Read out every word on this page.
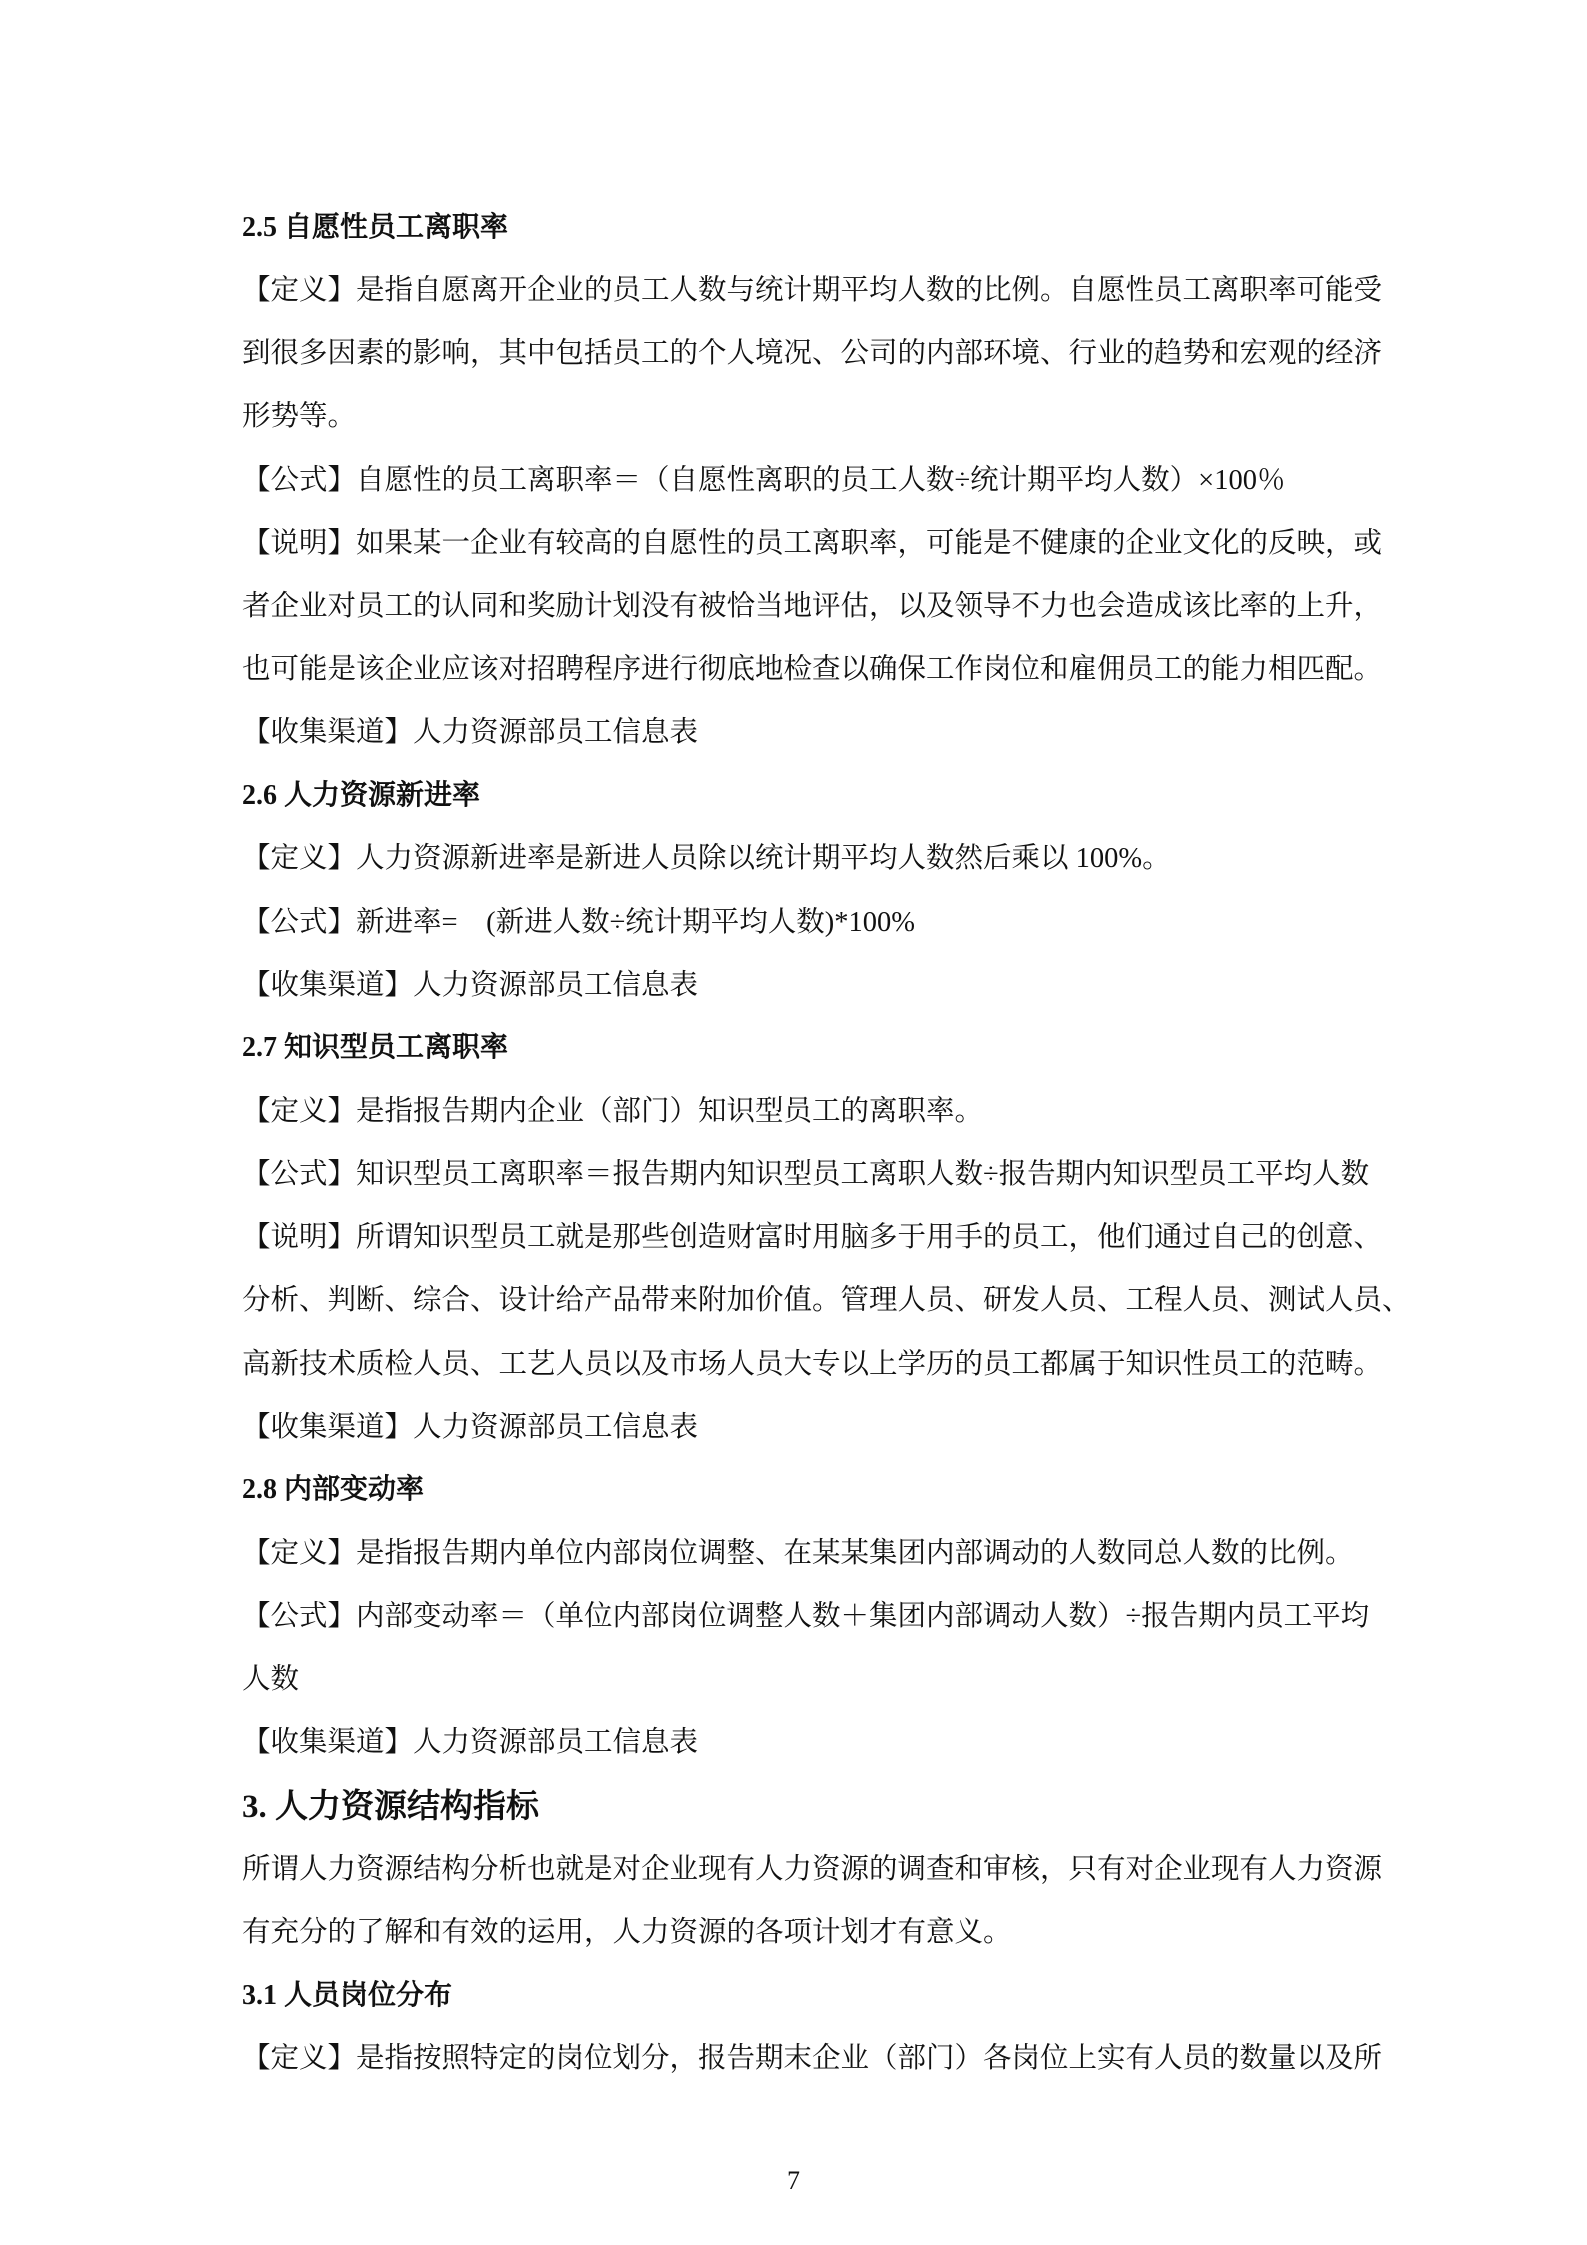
2.5 自愿性员工离职率
【定义】是指自愿离开企业的员工人数与统计期平均人数的比例。自愿性员工离职率可能受
到很多因素的影响，其中包括员工的个人境况、公司的内部环境、行业的趋势和宏观的经济
形势等。
【公式】自愿性的员工离职率＝（自愿性离职的员工人数÷统计期平均人数）×100％
【说明】如果某一企业有较高的自愿性的员工离职率，可能是不健康的企业文化的反映，或
者企业对员工的认同和奖励计划没有被恰当地评估，以及领导不力也会造成该比率的上升，
也可能是该企业应该对招聘程序进行彻底地检查以确保工作岗位和雇佣员工的能力相匹配。
【收集渠道】人力资源部员工信息表
2.6 人力资源新进率
【定义】人力资源新进率是新进人员除以统计期平均人数然后乘以 100%。
【公式】新进率=　(新进人数÷统计期平均人数)*100%
【收集渠道】人力资源部员工信息表
2.7 知识型员工离职率
【定义】是指报告期内企业（部门）知识型员工的离职率。
【公式】知识型员工离职率＝报告期内知识型员工离职人数÷报告期内知识型员工平均人数
【说明】所谓知识型员工就是那些创造财富时用脑多于用手的员工，他们通过自己的创意、
分析、判断、综合、设计给产品带来附加价值。管理人员、研发人员、工程人员、测试人员、
高新技术质检人员、工艺人员以及市场人员大专以上学历的员工都属于知识性员工的范畴。
【收集渠道】人力资源部员工信息表
2.8 内部变动率
【定义】是指报告期内单位内部岗位调整、在某某集团内部调动的人数同总人数的比例。
【公式】内部变动率＝（单位内部岗位调整人数＋集团内部调动人数）÷报告期内员工平均
人数
【收集渠道】人力资源部员工信息表
3. 人力资源结构指标
所谓人力资源结构分析也就是对企业现有人力资源的调查和审核，只有对企业现有人力资源
有充分的了解和有效的运用，人力资源的各项计划才有意义。
3.1 人员岗位分布
【定义】是指按照特定的岗位划分，报告期末企业（部门）各岗位上实有人员的数量以及所
7
